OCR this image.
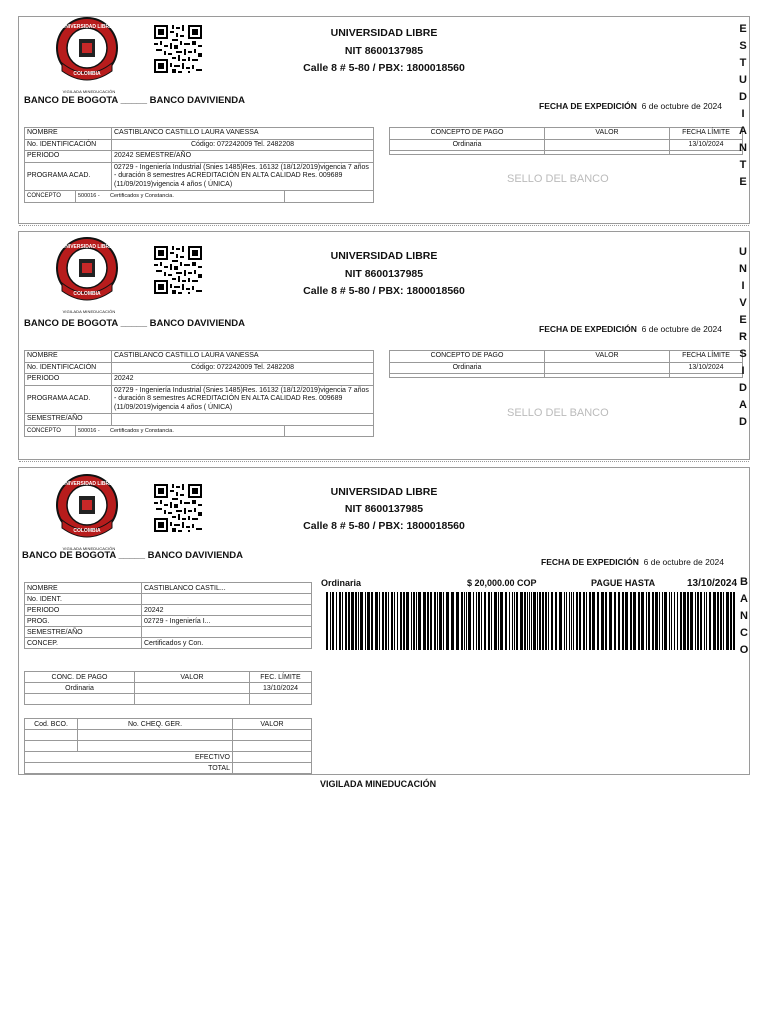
UNIVERSIDAD LIBRE
COLOMBIA
VIGILADA MINEDUCACIÓN
UNIVERSIDAD LIBRE
NIT 8600137985
Calle 8 # 5-80 / PBX: 1800018560
BANCO DE BOGOTA _____ BANCO DAVIVIENDA	FECHA DE EXPEDICIÓN 6 de octubre de 2024
NOMBRE	CASTIBLANCO CASTILLO LAURA VANESSA
No. IDENTIFICACIÓN	Código: 072242009 Tel. 2482208
PERIODO	20242 SEMESTRE/AÑO
PROGRAMA ACAD.	02729 - Ingeniería Industrial (Snies 1485)Res. 16132 (18/12/2019)vigencia 7 años - duración 8 semestres ACREDITACIÓN EN ALTA CALIDAD Res. 009689 (11/09/2019)vigencia 4 años ( ÚNICA)

CONCEPTO	500016 -	Certificados y Constancia.	
CONCEPTO DE PAGO	VALOR	FECHA LÍMITE
Ordinaria		13/10/2024

SELLO DEL BANCO
E
S
T
U
D
I
A
N
T
E
UNIVERSIDAD LIBRE
COLOMBIA
VIGILADA MINEDUCACIÓN
UNIVERSIDAD LIBRE
NIT 8600137985
Calle 8 # 5-80 / PBX: 1800018560
BANCO DE BOGOTA _____ BANCO DAVIVIENDA	FECHA DE EXPEDICIÓN 6 de octubre de 2024
NOMBRE	CASTIBLANCO CASTILLO LAURA VANESSA
No. IDENTIFICACIÓN	Código: 072242009 Tel. 2482208
PERIODO	20242
PROGRAMA ACAD.	02729 - Ingeniería Industrial (Snies 1485)Res. 16132 (18/12/2019)vigencia 7 años - duración 8 semestres ACREDITACIÓN EN ALTA CALIDAD Res. 009689 (11/09/2019)vigencia 4 años ( ÚNICA)
SEMESTRE/AÑO	

CONCEPTO	500016 -	Certificados y Constancia.	
CONCEPTO DE PAGO	VALOR	FECHA LÍMITE
Ordinaria		13/10/2024

SELLO DEL BANCO
U
N
I
V
E
R
S
I
D
A
D
UNIVERSIDAD LIBRE
COLOMBIA
VIGILADA MINEDUCACIÓN
UNIVERSIDAD LIBRE
NIT 8600137985
Calle 8 # 5-80 / PBX: 1800018560
BANCO DE BOGOTA _____ BANCO DAVIVIENDA
FECHA DE EXPEDICIÓN 6 de octubre de 2024
NOMBRE	CASTIBLANCO CASTIL...
No. IDENT.	
PERIODO	20242
PROG.	02729 - Ingeniería I...
SEMESTRE/AÑO	
CONCEP.	Certificados y Con.
CONC. DE PAGO	VALOR	FEC. LÍMITE
Ordinaria		13/10/2024

Cod. BCO.	No. CHEQ. GER.	VALOR

EFECTIVO		
TOTAL		
Ordinaria	$ 20,000.00 COP	PAGUE HASTA	13/10/2024 B
A
N
C
O
VIGILADA MINEDUCACIÓN
